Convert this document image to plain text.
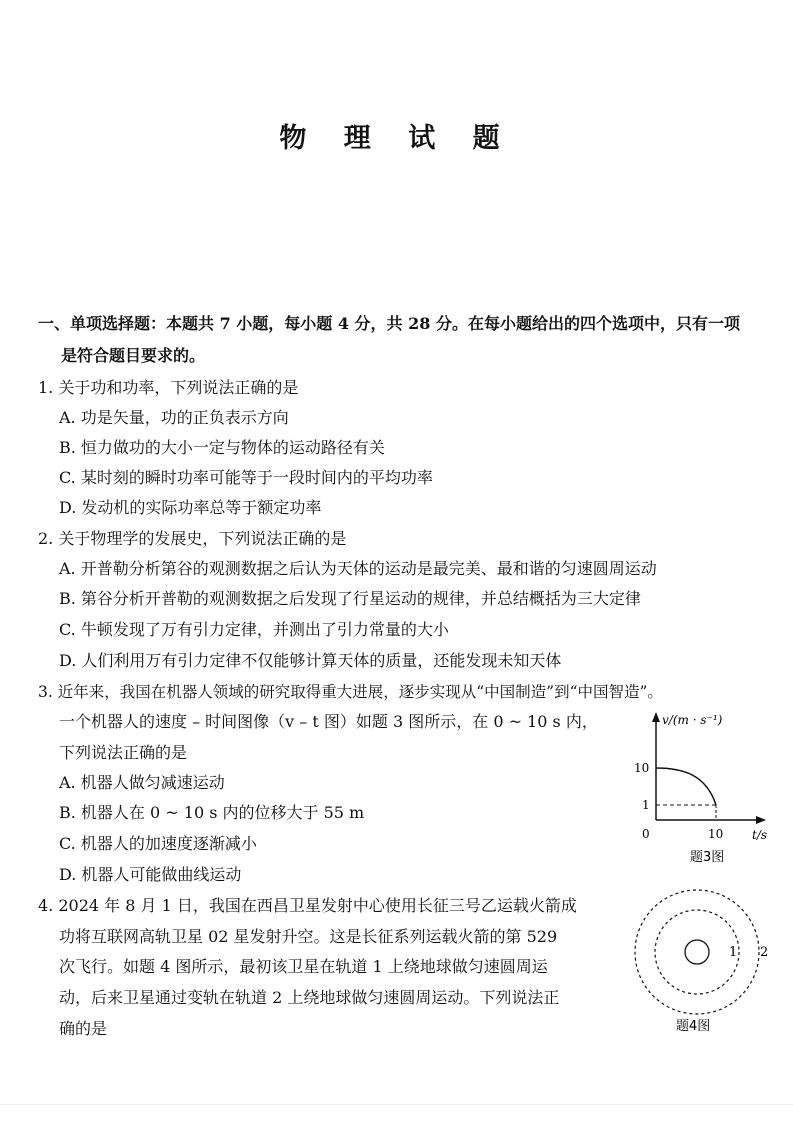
物 理 试 题
一、单项选择题：本题共 7 小题，每小题 4 分，共 28 分。在每小题给出的四个选项中，只有一项
是符合题目要求的。
1. 关于功和功率，下列说法正确的是
A. 功是矢量，功的正负表示方向
B. 恒力做功的大小一定与物体的运动路径有关
C. 某时刻的瞬时功率可能等于一段时间内的平均功率
D. 发动机的实际功率总等于额定功率
2. 关于物理学的发展史，下列说法正确的是
A. 开普勒分析第谷的观测数据之后认为天体的运动是最完美、最和谐的匀速圆周运动
B. 第谷分析开普勒的观测数据之后发现了行星运动的规律，并总结概括为三大定律
C. 牛顿发现了万有引力定律，并测出了引力常量的大小
D. 人们利用万有引力定律不仅能够计算天体的质量，还能发现未知天体
3. 近年来，我国在机器人领域的研究取得重大进展，逐步实现从“中国制造”到“中国智造”。
一个机器人的速度 – 时间图像（v – t 图）如题 3 图所示，在 0 ~ 10 s 内，
下列说法正确的是
A. 机器人做匀减速运动
B. 机器人在 0 ~ 10 s 内的位移大于 55 m
C. 机器人的加速度逐渐减小
D. 机器人可能做曲线运动
v/(m · s⁻¹)
10
1
0	10 t/s
题3图
4. 2024 年 8 月 1 日，我国在西昌卫星发射中心使用长征三号乙运载火箭成
功将互联网高轨卫星 02 星发射升空。这是长征系列运载火箭的第 529
次飞行。如题 4 图所示，最初该卫星在轨道 1 上绕地球做匀速圆周运
动，后来卫星通过变轨在轨道 2 上绕地球做匀速圆周运动。下列说法正
确的是
1 2
题4图
